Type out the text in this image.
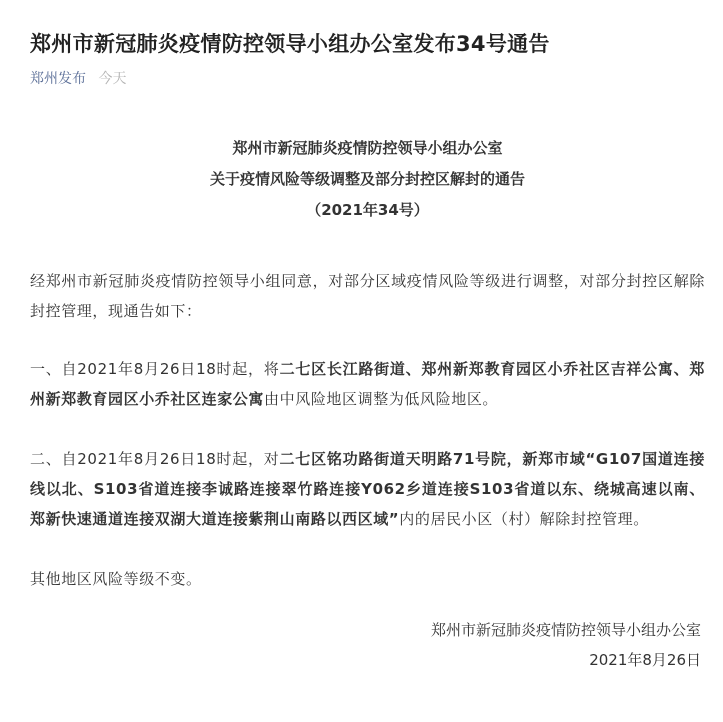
郑州市新冠肺炎疫情防控领导小组办公室发布34号通告
郑州发布 今天
郑州市新冠肺炎疫情防控领导小组办公室
关于疫情风险等级调整及部分封控区解封的通告
（2021年34号）

经郑州市新冠肺炎疫情防控领导小组同意，对部分区域疫情风险等级进行调整，对部分封控区解除封控管理，现通告如下：

一、自2021年8月26日18时起，将二七区长江路街道、郑州新郑教育园区小乔社区吉祥公寓、郑州新郑教育园区小乔社区连家公寓由中风险地区调整为低风险地区。

二、自2021年8月26日18时起，对二七区铭功路街道天明路71号院，新郑市域“G107国道连接线以北、S103省道连接李诚路连接翠竹路连接Y062乡道连接S103省道以东、绕城高速以南、郑新快速通道连接双湖大道连接紫荆山南路以西区域”内的居民小区（村）解除封控管理。

其他地区风险等级不变。

郑州市新冠肺炎疫情防控领导小组办公室
2021年8月26日
